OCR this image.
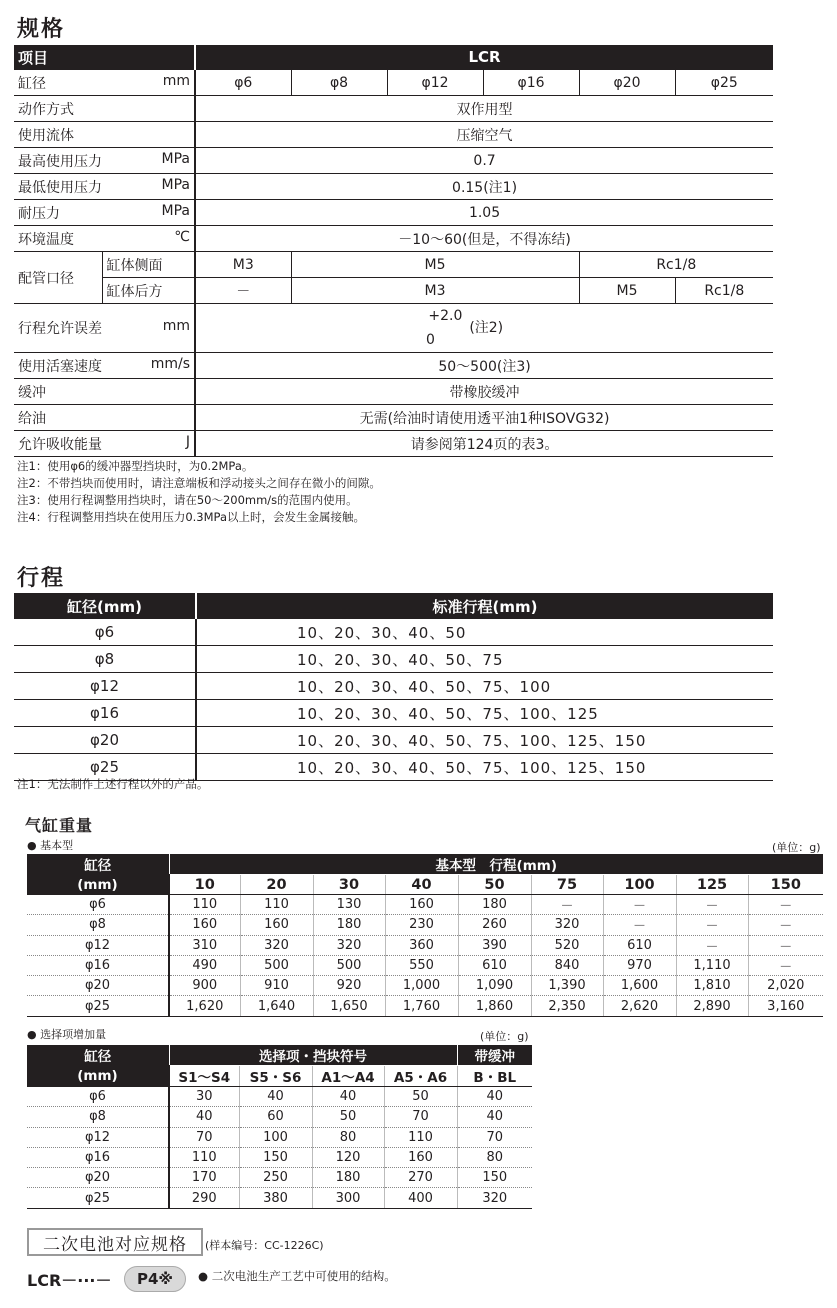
规格
项目		LCR					

缸径 mm		φ6	φ8	φ12	φ16	φ20	φ25

动作方式		双作用型					

使用流体		压缩空气					

最高使用压力 MPa		0.7					

最低使用压力 MPa		0.15(注1)					

耐压力 MPa		1.05					

环境温度 ℃		－10～60(但是，不得冻结)					
配管口径	缸体侧面	M3	M5			Rc1/8	
	缸体后方	－	M3			M5	Rc1/8

行程允许误差 mm		+2.0
0
(注2)					

使用活塞速度 mm/s		50～500(注3)					

缓冲		带橡胶缓冲					

给油		无需(给油时请使用透平油1种ISOVG32)					

允许吸收能量 J		请参阅第124页的表3。					
注1：使用φ6的缓冲器型挡块时，为0.2MPa。
注2：不带挡块而使用时，请注意端板和浮动接头之间存在微小的间隙。
注3：使用行程调整用挡块时，请在50～200mm/s的范围内使用。
注4：行程调整用挡块在使用压力0.3MPa以上时，会发生金属接触。
行程
缸径(mm)	标准行程(mm)
φ6	10、20、30、40、50
φ8	10、20、30、40、50、75
φ12	10、20、30、40、50、75、100
φ16	10、20、30、40、50、75、100、125
φ20	10、20、30、40、50、75、100、125、150
φ25	10、20、30、40、50、75、100、125、150
注1：无法制作上述行程以外的产品。
气缸重量
● 基本型	(单位：g)
缸径	基本型　行程(mm)								
(mm)	10	20	30	40	50	75	100	125	150
φ6	110	110	130	160	180	－	－	－	－
φ8	160	160	180	230	260	320	－	－	－
φ12	310	320	320	360	390	520	610	－	－
φ16	490	500	500	550	610	840	970	1,110	－
φ20	900	910	920	1,000	1,090	1,390	1,600	1,810	2,020
φ25	1,620	1,640	1,650	1,760	1,860	2,350	2,620	2,890	3,160
● 选择项增加量	(单位：g)
缸径	选择项・挡块符号				带缓冲
(mm)	S1～S4	S5・S6	A1～A4	A5・A6	B・BL
φ6	30	40	40	50	40
φ8	40	60	50	70	40
φ12	70	100	80	110	70
φ16	110	150	120	160	80
φ20	170	250	180	270	150
φ25	290	380	300	400	320
二次电池对应规格	(样本编号：CC-1226C)
LCR－···－	P4※	● 二次电池生产工艺中可使用的结构。
